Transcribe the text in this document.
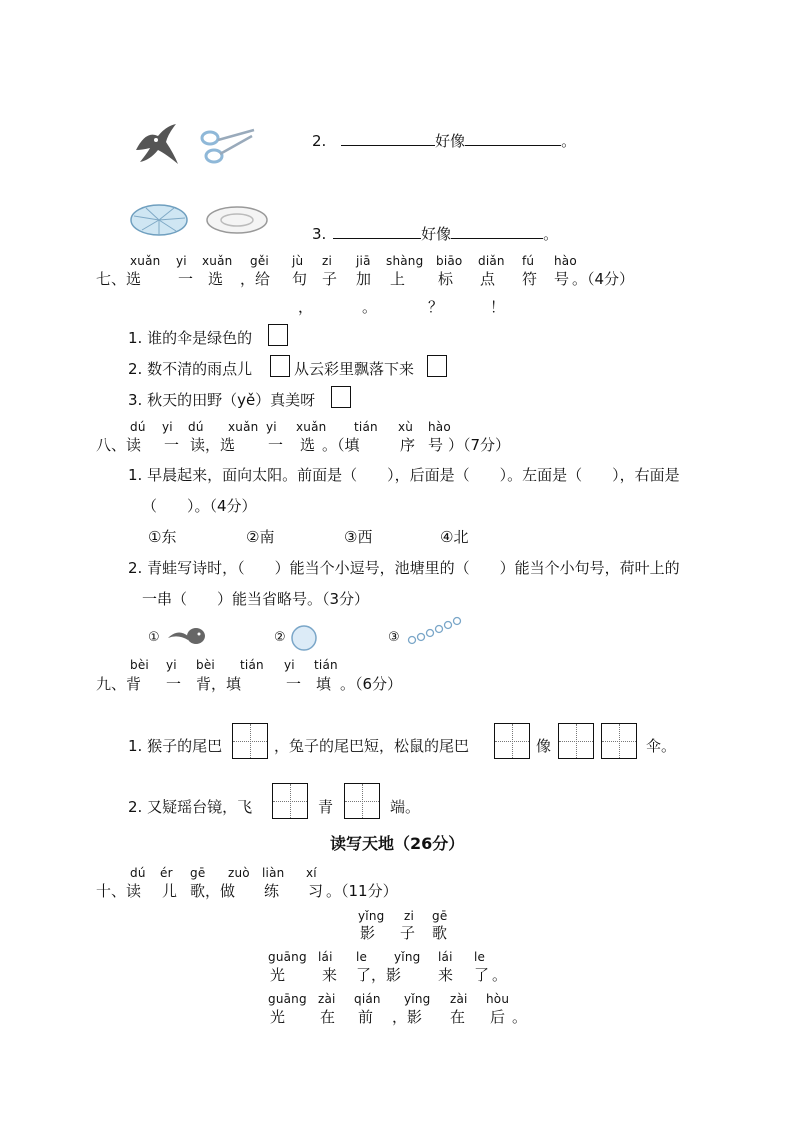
2.	好像	。
3.	好像	。
xuǎn yi xuǎn gěi jù zi jiā shàng biāo diǎn fú hào
七、选 一 选 ，给 句 子 加 上 标 点 符 号 。（4分）
，	。	？	！
1. 谁的伞是绿色的
2. 数不清的雨点儿	从云彩里飘落下来
3. 秋天的田野（yě）真美呀
dú yi dú xuǎn yi xuǎn tián xù hào
八、读 一 读，选 一 选 。（填	序 号 ）（7分）
1. 早晨起来，面向太阳。前面是（　　），后面是（　　）。左面是（　　），右面是
（　　）。（4分）
①东	②南	③西	④北
2. 青蛙写诗时，（　　）能当个小逗号，池塘里的（　　）能当个小句号，荷叶上的
一串（　　）能当省略号。（3分）
①	②	③
bèi yi bèi tián yi tián
九、背 一 背，填	一 填 。（6分）
1. 猴子的尾巴	，兔子的尾巴短，松鼠的尾巴	像	伞。
2. 又疑瑶台镜，飞	青	端。
读写天地（26分）
dú ér gē zuò liàn xí
十、读 儿 歌，做 练 习 。（11分）
yǐng zi gē
影 子 歌
guāng lái le yǐng lái le
光 来 了，影 来 了 。
guāng zài qián yǐng zài hòu
光 在 前 ，影 在 后 。
